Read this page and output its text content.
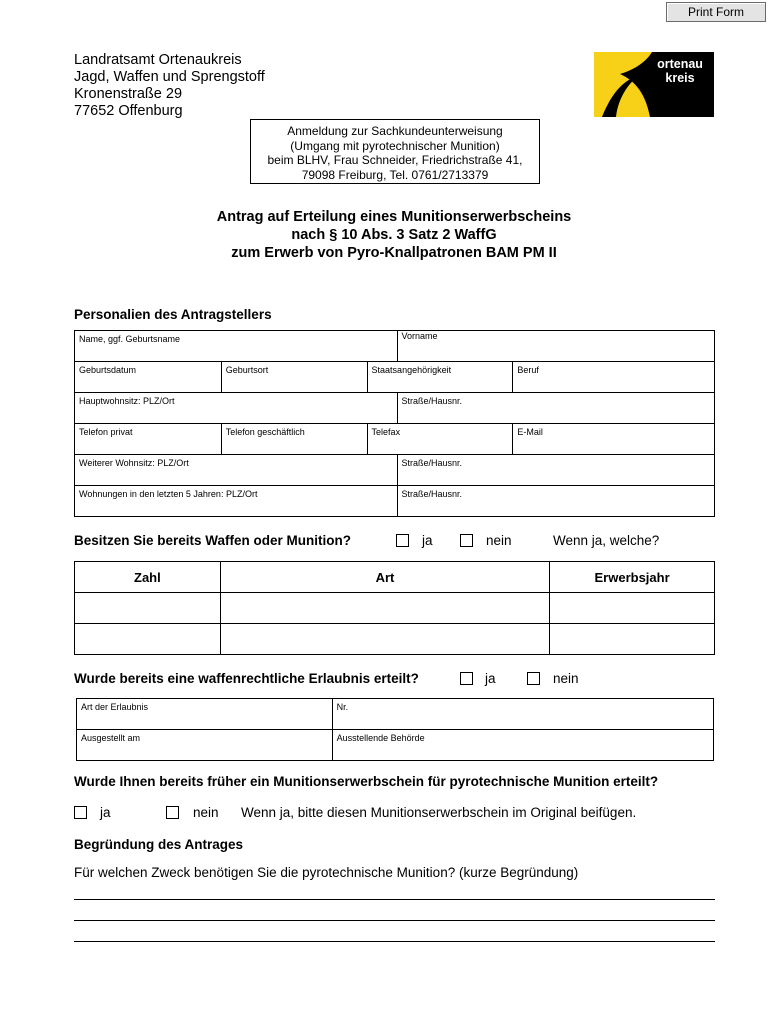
Print Form
Landratsamt Ortenaukreis
Jagd, Waffen und Sprengstoff
Kronenstraße 29
77652 Offenburg
ortenau
kreis
Anmeldung zur Sachkundeunterweisung
(Umgang mit pyrotechnischer Munition)
beim BLHV, Frau Schneider, Friedrichstraße 41,
79098 Freiburg, Tel. 0761/2713379
Antrag auf Erteilung eines Munitionserwerbscheins
nach § 10 Abs. 3 Satz 2 WaffG
zum Erwerb von Pyro-Knallpatronen BAM PM II
Personalien des Antragstellers
Name, ggf. Geburtsname	Vorname
Geburtsdatum	Geburtsort	Staatsangehörigkeit	Beruf
Hauptwohnsitz: PLZ/Ort	Straße/Hausnr.
Telefon privat	Telefon geschäftlich	Telefax	E-Mail
Weiterer Wohnsitz: PLZ/Ort	Straße/Hausnr.
Wohnungen in den letzten 5 Jahren: PLZ/Ort	Straße/Hausnr.
Besitzen Sie bereits Waffen oder Munition?	ja	nein	Wenn ja, welche?
Zahl	Art	Erwerbsjahr

Wurde bereits eine waffenrechtliche Erlaubnis erteilt?	ja	nein
Art der Erlaubnis	Nr.
Ausgestellt am	Ausstellende Behörde
Wurde Ihnen bereits früher ein Munitionserwerbschein für pyrotechnische Munition erteilt?
ja	nein	Wenn ja, bitte diesen Munitionserwerbschein im Original beifügen.
Begründung des Antrages
Für welchen Zweck benötigen Sie die pyrotechnische Munition? (kurze Begründung)
